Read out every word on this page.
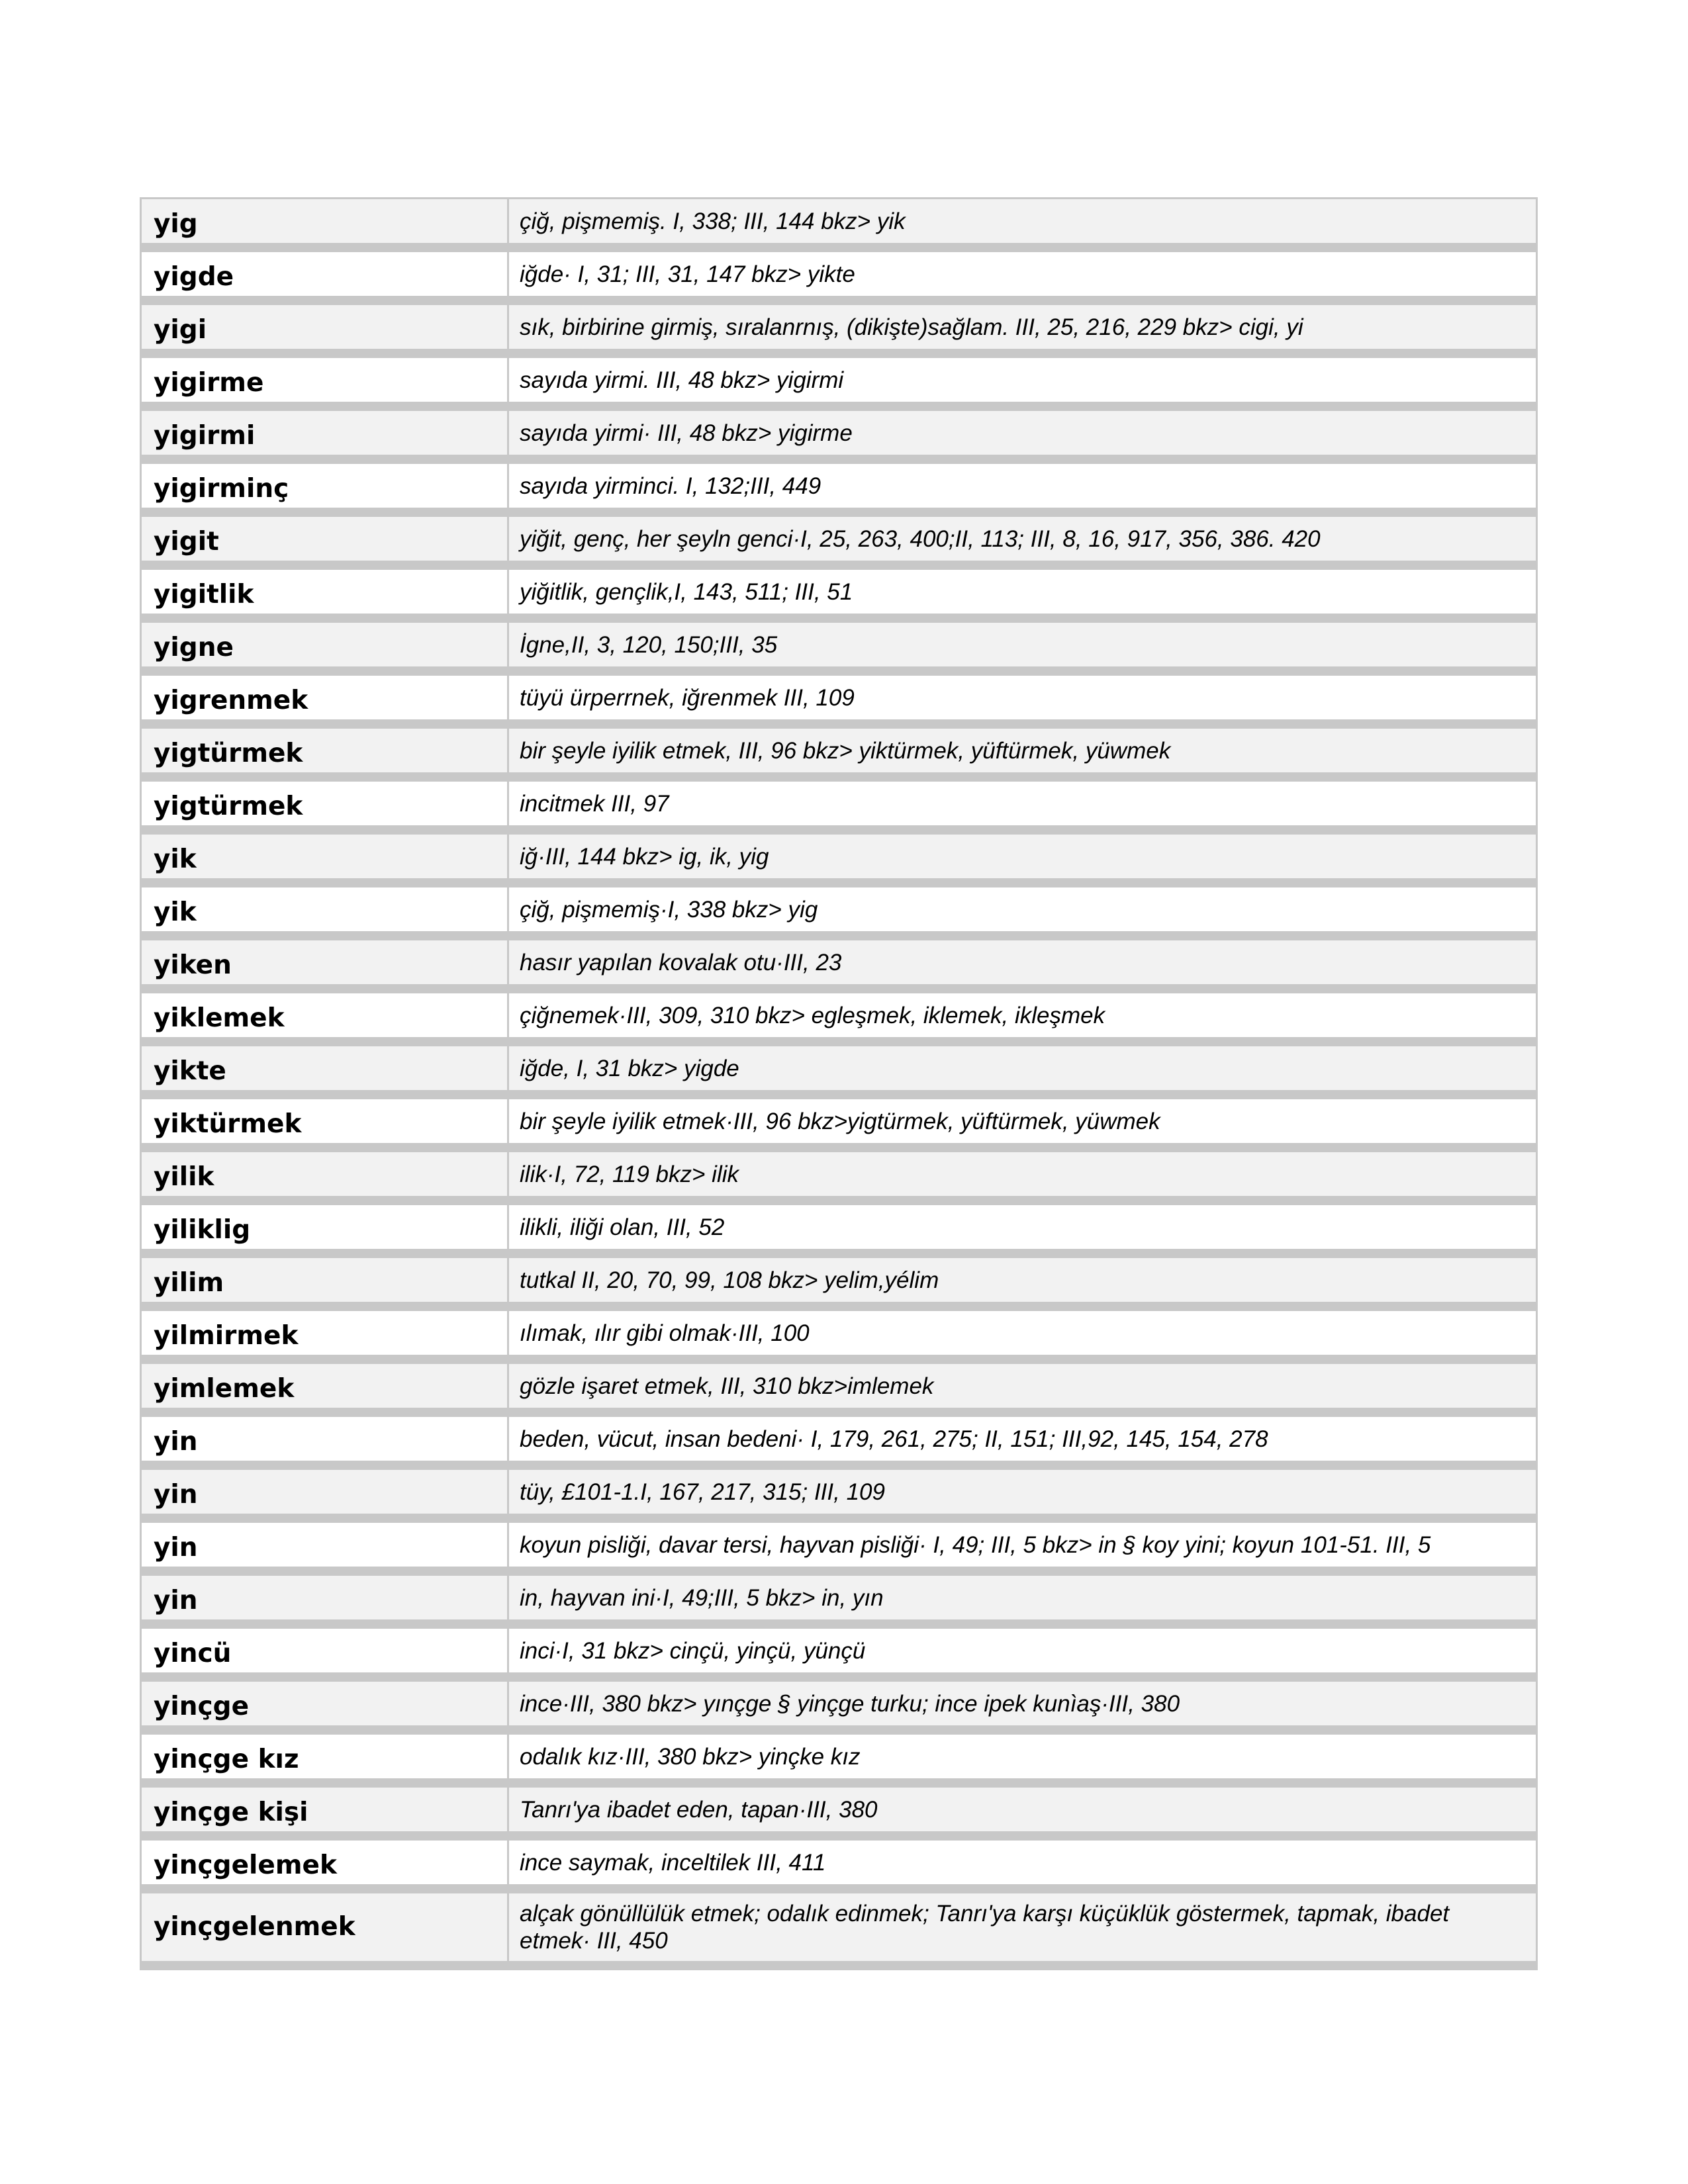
yig	çiğ, pişmemiş. I, 338; III, 144 bkz> yik
yigde	iğde· I, 31; III, 31, 147 bkz> yikte
yigi	sık, birbirine girmiş, sıralanrnış, (dikişte)sağlam. III, 25, 216, 229 bkz> cigi, yi
yigirme	sayıda yirmi. III, 48 bkz> yigirmi
yigirmi	sayıda yirmi· III, 48 bkz> yigirme
yigirminç	sayıda yirminci. I, 132;III, 449
yigit	yiğit, genç, her şeyln genci·I, 25, 263, 400;II, 113; III, 8, 16, 917, 356, 386. 420
yigitlik	yiğitlik, gençlik,I, 143, 511; III, 51
yigne	İgne,II, 3, 120, 150;III, 35
yigrenmek	tüyü ürperrnek, iğrenmek III, 109
yigtürmek	bir şeyle iyilik etmek, III, 96 bkz> yiktürmek, yüftürmek, yüwmek
yigtürmek	incitmek III, 97
yik	iğ·III, 144 bkz> ig, ik, yig
yik	çiğ, pişmemiş·I, 338 bkz> yig
yiken	hasır yapılan kovalak otu·III, 23
yiklemek	çiğnemek·III, 309, 310 bkz> egleşmek, iklemek, ikleşmek
yikte	iğde, I, 31 bkz> yigde
yiktürmek	bir şeyle iyilik etmek·III, 96 bkz>yigtürmek, yüftürmek, yüwmek
yilik	ilik·I, 72, 119 bkz> ilik
yiliklig	ilikli, iliği olan, III, 52
yilim	tutkal II, 20, 70, 99, 108 bkz> yelim,yélim
yilmirmek	ılımak, ılır gibi olmak·III, 100
yimlemek	gözle işaret etmek, III, 310 bkz>imlemek
yin	beden, vücut, insan bedeni· I, 179, 261, 275; II, 151; III,92, 145, 154, 278
yin	tüy, £101-1.I, 167, 217, 315; III, 109
yin	koyun pisliği, davar tersi, hayvan pisliği· I, 49; III, 5 bkz> in § koy yini; koyun 101-51. III, 5
yin	in, hayvan ini·I, 49;III, 5 bkz> in, yın
yincü	inci·I, 31 bkz> cinçü, yinçü, yünçü
yinçge	ince·III, 380 bkz> yınçge § yinçge turku; ince ipek kunìaş·III, 380
yinçge kız	odalık kız·III, 380 bkz> yinçke kız
yinçge kişi	Tanrı'ya ibadet eden, tapan·III, 380
yinçgelemek	ince saymak, inceltilek III, 411
yinçgelenmek	alçak gönüllülük etmek; odalık edinmek; Tanrı'ya karşı küçüklük göstermek, tapmak, ibadet etmek· III, 450
